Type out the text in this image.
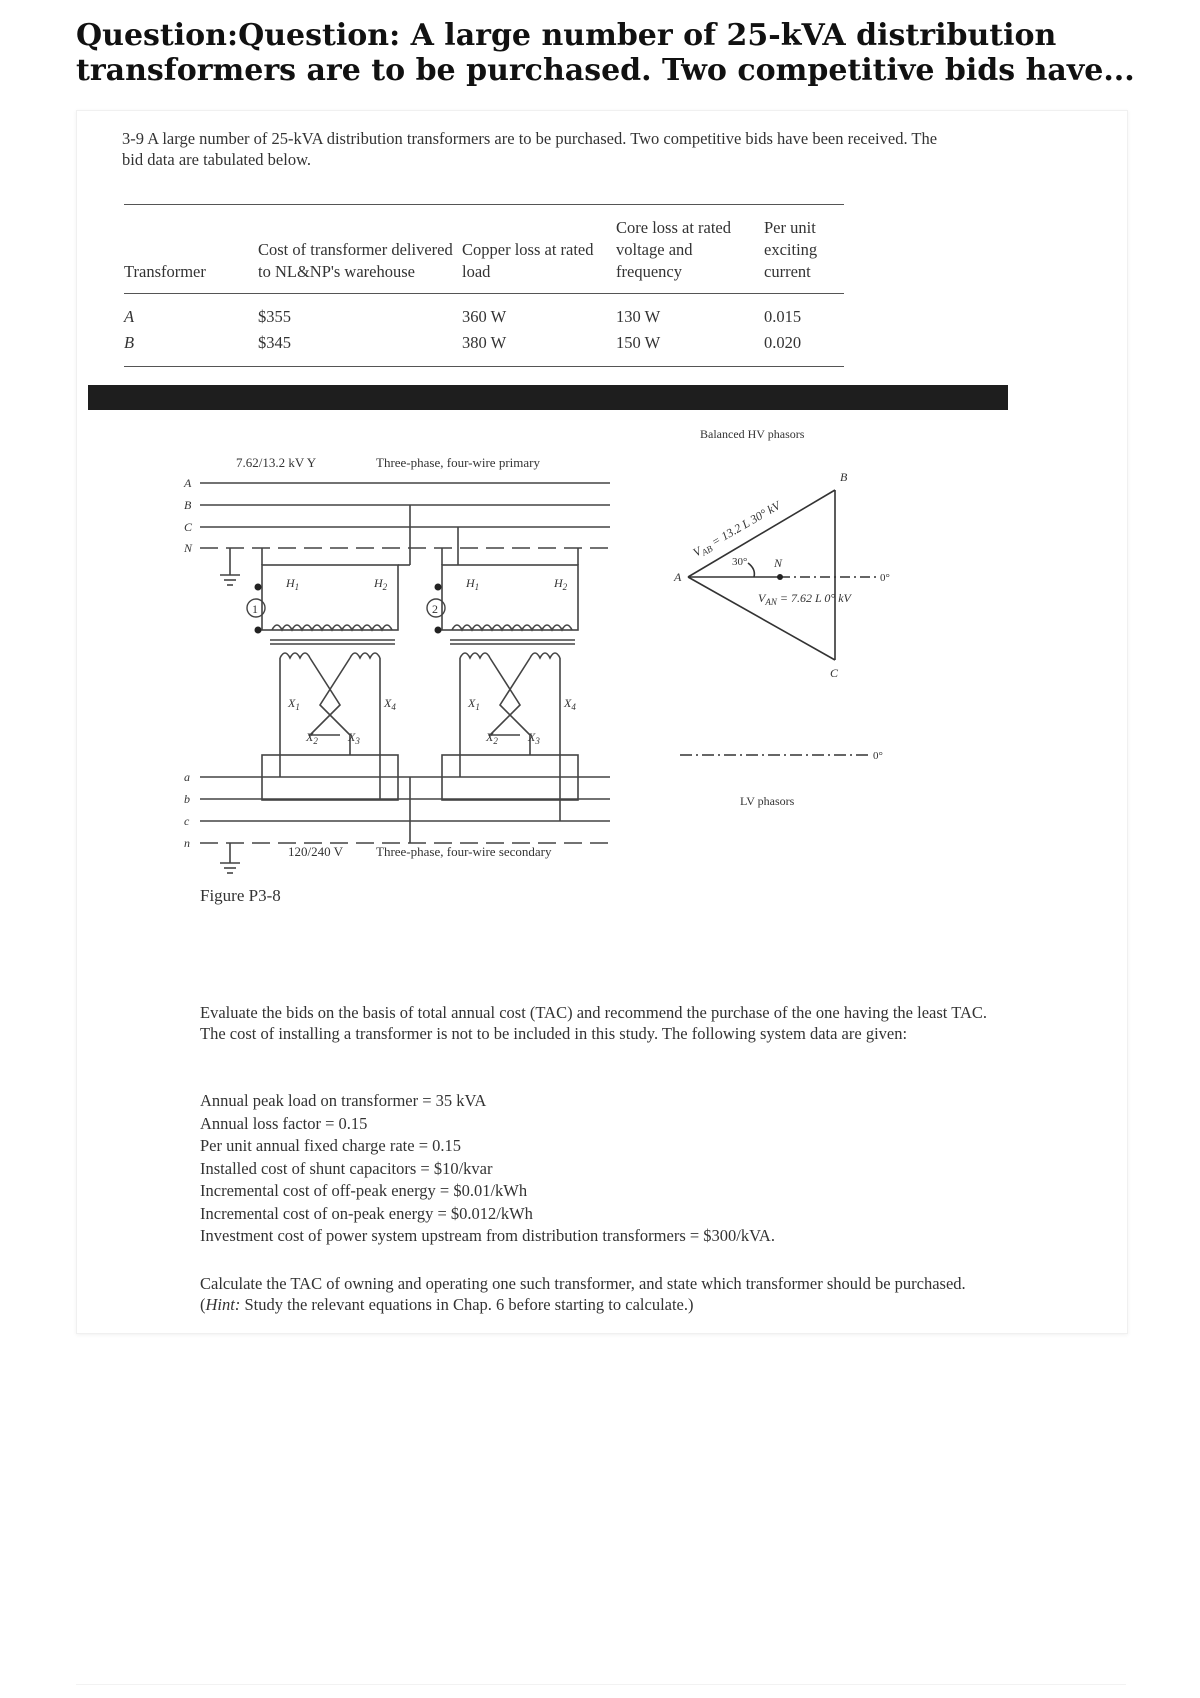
Question:Question: A large number of 25-kVA distribution transformers are to be purchased. Two competitive bids have...
3-9 A large number of 25-kVA distribution transformers are to be purchased. Two competitive bids have been received. The bid data are tabulated below.
Transformer	Cost of transformer delivered to NL&NP's warehouse	Copper loss at rated load	Core loss at rated voltage and frequency	Per unit exciting current
A	$355	360 W	130 W	0.015
B	$345	380 W	150 W	0.020
1	2
7.62/13.2 kV Y	Three-phase, four-wire primary
A
B
C
N
a
b
c
n
$H_1$	$H_2$	$H_1$	$H_2$
$X_1$
$X_2$	$X_3$
$X_4$	$X_1$
$X_2$	$X_3$
$X_4$
120/240 V	Three-phase, four-wire secondary
Balanced HV phasors
A
B
C
N
30°
0°
$V_{AB} = 13.2$ L 30° kV
$V_{AN} = 7.62$ L 0° kV
0°
LV phasors
Figure P3-8
Evaluate the bids on the basis of total annual cost (TAC) and recommend the purchase of the one having the least TAC. The cost of installing a transformer is not to be included in this study. The following system data are given:
Annual peak load on transformer = 35 kVA
Annual loss factor = 0.15
Per unit annual fixed charge rate = 0.15
Installed cost of shunt capacitors = $10/kvar
Incremental cost of off-peak energy = $0.01/kWh
Incremental cost of on-peak energy = $0.012/kWh
Investment cost of power system upstream from distribution transformers = $300/kVA.
Calculate the TAC of owning and operating one such transformer, and state which transformer should be purchased. (Hint: Study the relevant equations in Chap. 6 before starting to calculate.)
